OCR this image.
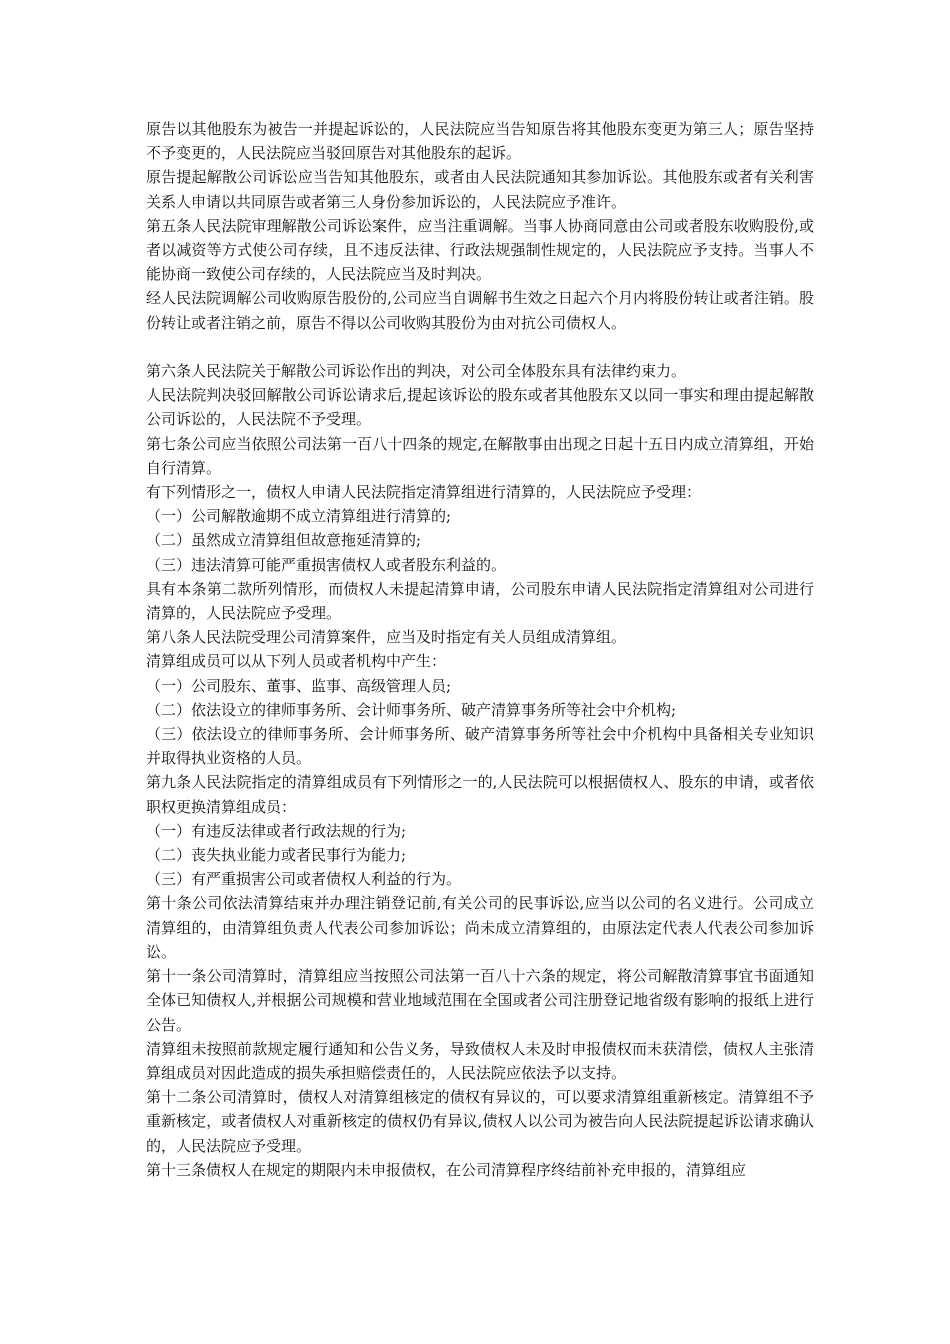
原告以其他股东为被告一并提起诉讼的，人民法院应当告知原告将其他股东变更为第三人；原告坚持不予变更的，人民法院应当驳回原告对其他股东的起诉。

原告提起解散公司诉讼应当告知其他股东，或者由人民法院通知其参加诉讼。其他股东或者有关利害关系人申请以共同原告或者第三人身份参加诉讼的，人民法院应予准许。

第五条人民法院审理解散公司诉讼案件，应当注重调解。当事人协商同意由公司或者股东收购股份,或者以减资等方式使公司存续，且不违反法律、行政法规强制性规定的，人民法院应予支持。当事人不能协商一致使公司存续的，人民法院应当及时判决。

经人民法院调解公司收购原告股份的,公司应当自调解书生效之日起六个月内将股份转让或者注销。股份转让或者注销之前，原告不得以公司收购其股份为由对抗公司债权人。

第六条人民法院关于解散公司诉讼作出的判决，对公司全体股东具有法律约束力。

人民法院判决驳回解散公司诉讼请求后,提起该诉讼的股东或者其他股东又以同一事实和理由提起解散公司诉讼的，人民法院不予受理。

第七条公司应当依照公司法第一百八十四条的规定,在解散事由出现之日起十五日内成立清算组，开始自行清算。

有下列情形之一，债权人申请人民法院指定清算组进行清算的，人民法院应予受理：

（一）公司解散逾期不成立清算组进行清算的;

（二）虽然成立清算组但故意拖延清算的;

（三）违法清算可能严重损害债权人或者股东利益的。

具有本条第二款所列情形，而债权人未提起清算申请，公司股东申请人民法院指定清算组对公司进行清算的，人民法院应予受理。

第八条人民法院受理公司清算案件，应当及时指定有关人员组成清算组。

清算组成员可以从下列人员或者机构中产生：

（一）公司股东、董事、监事、高级管理人员;

（二）依法设立的律师事务所、会计师事务所、破产清算事务所等社会中介机构;

（三）依法设立的律师事务所、会计师事务所、破产清算事务所等社会中介机构中具备相关专业知识并取得执业资格的人员。

第九条人民法院指定的清算组成员有下列情形之一的,人民法院可以根据债权人、股东的申请，或者依职权更换清算组成员：

（一）有违反法律或者行政法规的行为;

（二）丧失执业能力或者民事行为能力;

（三）有严重损害公司或者债权人利益的行为。

第十条公司依法清算结束并办理注销登记前,有关公司的民事诉讼,应当以公司的名义进行。公司成立清算组的，由清算组负责人代表公司参加诉讼；尚未成立清算组的，由原法定代表人代表公司参加诉讼。

第十一条公司清算时，清算组应当按照公司法第一百八十六条的规定，将公司解散清算事宜书面通知全体已知债权人,并根据公司规模和营业地域范围在全国或者公司注册登记地省级有影响的报纸上进行公告。

清算组未按照前款规定履行通知和公告义务，导致债权人未及时申报债权而未获清偿，债权人主张清算组成员对因此造成的损失承担赔偿责任的，人民法院应依法予以支持。

第十二条公司清算时，债权人对清算组核定的债权有异议的，可以要求清算组重新核定。清算组不予重新核定，或者债权人对重新核定的债权仍有异议,债权人以公司为被告向人民法院提起诉讼请求确认的，人民法院应予受理。

第十三条债权人在规定的期限内未申报债权，在公司清算程序终结前补充申报的，清算组应
